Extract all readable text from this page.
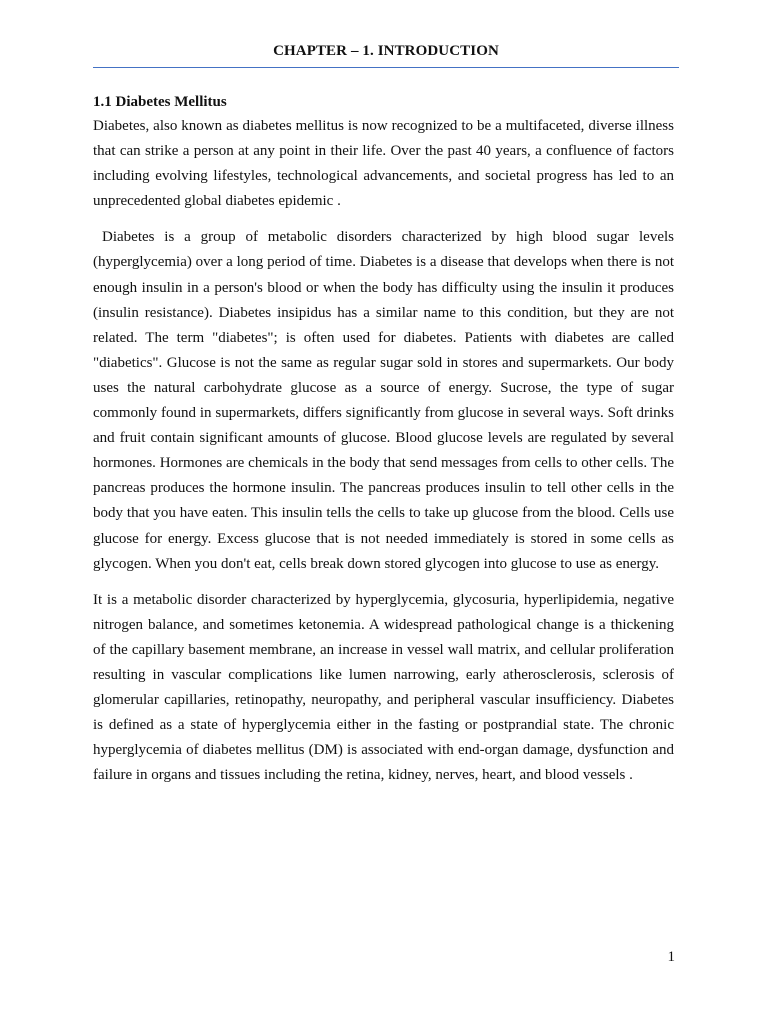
CHAPTER – 1. INTRODUCTION
1.1 Diabetes Mellitus

Diabetes, also known as diabetes mellitus is now recognized to be a multifaceted, diverse illness that can strike a person at any point in their life. Over the past 40 years, a confluence of factors including evolving lifestyles, technological advancements, and societal progress has led to an unprecedented global diabetes epidemic .

Diabetes is a group of metabolic disorders characterized by high blood sugar levels (hyperglycemia) over a long period of time. Diabetes is a disease that develops when there is not enough insulin in a person's blood or when the body has difficulty using the insulin it produces (insulin resistance). Diabetes insipidus has a similar name to this condition, but they are not related. The term "diabetes"; is often used for diabetes. Patients with diabetes are called "diabetics". Glucose is not the same as regular sugar sold in stores and supermarkets. Our body uses the natural carbohydrate glucose as a source of energy. Sucrose, the type of sugar commonly found in supermarkets, differs significantly from glucose in several ways. Soft drinks and fruit contain significant amounts of glucose. Blood glucose levels are regulated by several hormones. Hormones are chemicals in the body that send messages from cells to other cells. The pancreas produces the hormone insulin. The pancreas produces insulin to tell other cells in the body that you have eaten. This insulin tells the cells to take up glucose from the blood. Cells use glucose for energy. Excess glucose that is not needed immediately is stored in some cells as glycogen. When you don't eat, cells break down stored glycogen into glucose to use as energy.

It is a metabolic disorder characterized by hyperglycemia, glycosuria, hyperlipidemia, negative nitrogen balance, and sometimes ketonemia. A widespread pathological change is a thickening of the capillary basement membrane, an increase in vessel wall matrix, and cellular proliferation resulting in vascular complications like lumen narrowing, early atherosclerosis, sclerosis of glomerular capillaries, retinopathy, neuropathy, and peripheral vascular insufficiency. Diabetes is defined as a state of hyperglycemia either in the fasting or postprandial state. The chronic hyperglycemia of diabetes mellitus (DM) is associated with end-organ damage, dysfunction and failure in organs and tissues including the retina, kidney, nerves, heart, and blood vessels .

1
